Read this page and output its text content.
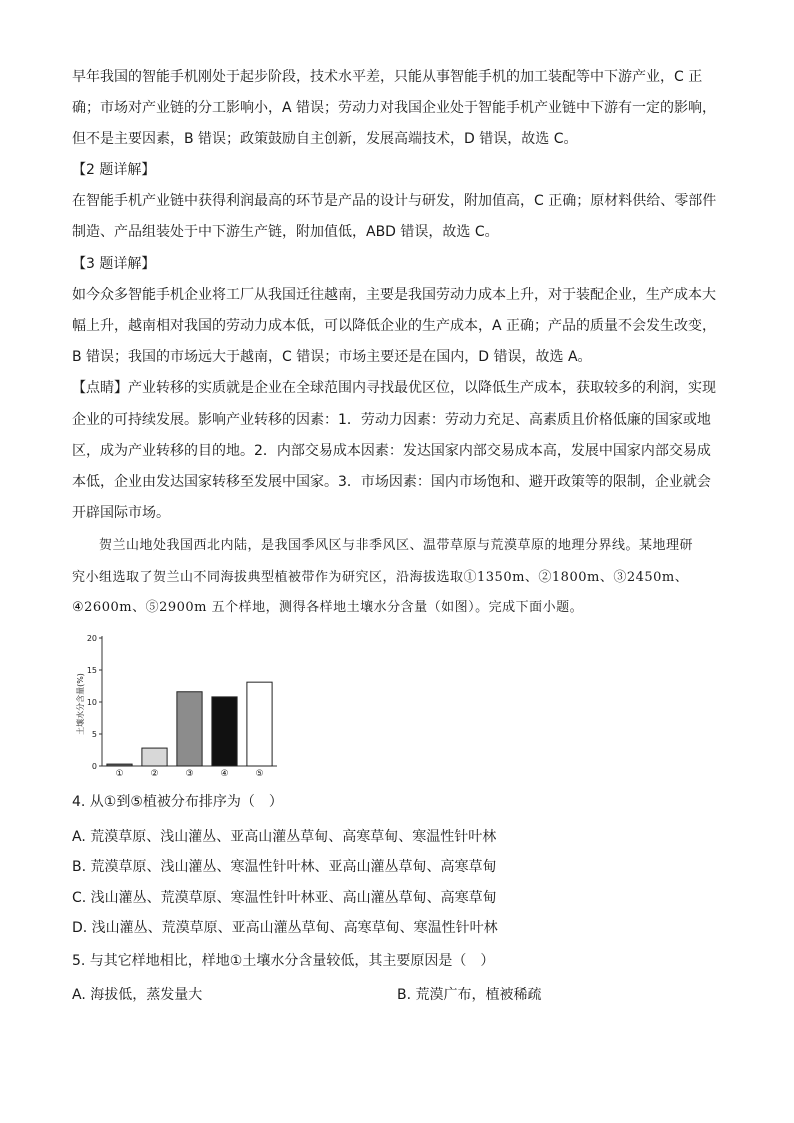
早年我国的智能手机刚处于起步阶段，技术水平差，只能从事智能手机的加工装配等中下游产业，C 正
确；市场对产业链的分工影响小，A 错误；劳动力对我国企业处于智能手机产业链中下游有一定的影响，
但不是主要因素，B 错误；政策鼓励自主创新，发展高端技术，D 错误，故选 C。
【2 题详解】
在智能手机产业链中获得利润最高的环节是产品的设计与研发，附加值高，C 正确；原材料供给、零部件
制造、产品组装处于中下游生产链，附加值低，ABD 错误，故选 C。
【3 题详解】
如今众多智能手机企业将工厂从我国迁往越南，主要是我国劳动力成本上升，对于装配企业，生产成本大
幅上升，越南相对我国的劳动力成本低，可以降低企业的生产成本，A 正确；产品的质量不会发生改变，
B 错误；我国的市场远大于越南，C 错误；市场主要还是在国内，D 错误，故选 A。
【点睛】产业转移的实质就是企业在全球范围内寻找最优区位，以降低生产成本，获取较多的利润，实现
企业的可持续发展。影响产业转移的因素：1．劳动力因素：劳动力充足、高素质且价格低廉的国家或地
区，成为产业转移的目的地。2．内部交易成本因素：发达国家内部交易成本高，发展中国家内部交易成
本低，企业由发达国家转移至发展中国家。3．市场因素：国内市场饱和、避开政策等的限制，企业就会
开辟国际市场。
　　贺兰山地处我国西北内陆，是我国季风区与非季风区、温带草原与荒漠草原的地理分界线。某地理研
究小组选取了贺兰山不同海拔典型植被带作为研究区，沿海拔选取①1350m、②1800m、③2450m、
④2600m、⑤2900m 五个样地，测得各样地土壤水分含量（如图）。完成下面小题。
土壤水分含量(%)
0
5
10
15
20
①	②	③	④	⑤
4. 从①到⑤植被分布排序为（　）
A. 荒漠草原、浅山灌丛、亚高山灌丛草甸、高寒草甸、寒温性针叶林
B. 荒漠草原、浅山灌丛、寒温性针叶林、亚高山灌丛草甸、高寒草甸
C. 浅山灌丛、荒漠草原、寒温性针叶林亚、高山灌丛草甸、高寒草甸
D. 浅山灌丛、荒漠草原、亚高山灌丛草甸、高寒草甸、寒温性针叶林
5. 与其它样地相比，样地①土壤水分含量较低，其主要原因是（　）
A. 海拔低，蒸发量大	B. 荒漠广布，植被稀疏
